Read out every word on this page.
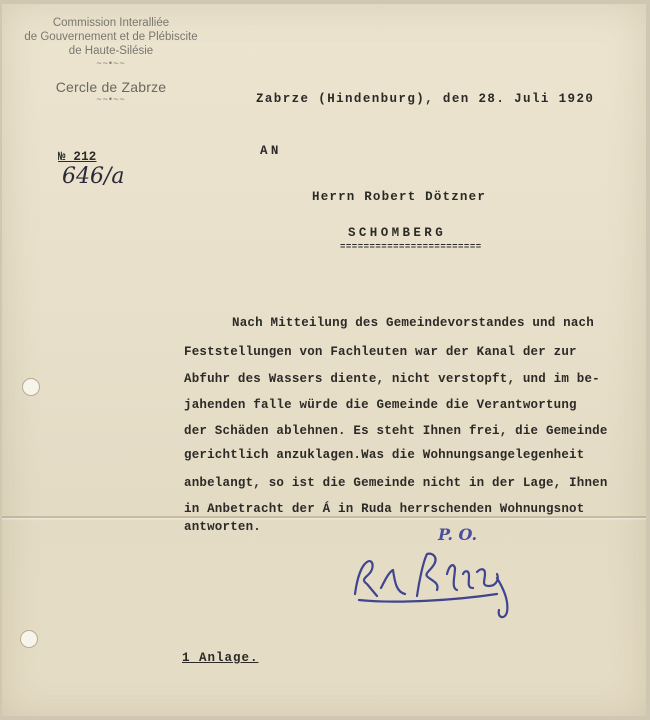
Commission Interalliée
de Gouvernement et de Plébiscite
de Haute-Silésie
~~•~~
Cercle de Zabrze
~~•~~	Zabrze (Hindenburg), den 28. Juli 1920
№ 212
646/a
AN
Herrn Robert Dötzner
SCHOMBERG
========================
Nach Mitteilung des Gemeindevorstandes und nach
Feststellungen von Fachleuten war der Kanal der zur
Abfuhr des Wassers diente, nicht verstopft, und im be-
jahenden falle würde die Gemeinde die Verantwortung
der Schäden ablehnen. Es steht Ihnen frei, die Gemeinde
gerichtlich anzuklagen.Was die Wohnungsangelegenheit
anbelangt, so ist die Gemeinde nicht in der Lage, Ihnen
in Anbetracht der Á in Ruda herrschenden Wohnungsnot
antworten.	P. O.
1 Anlage.
